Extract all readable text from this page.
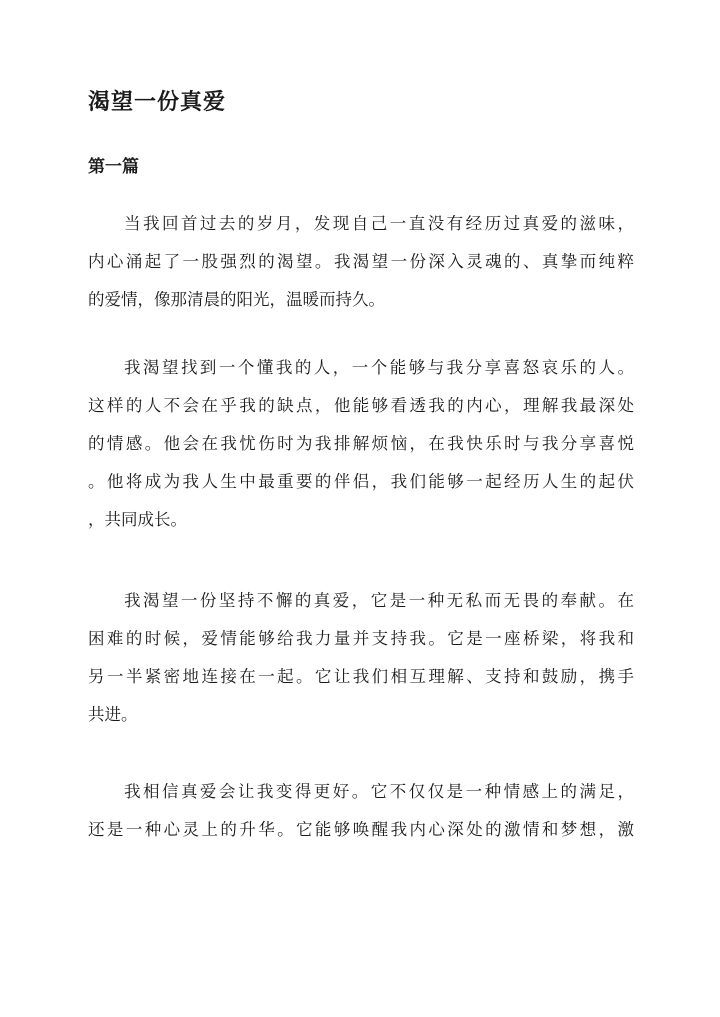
渴望一份真爱
第一篇
当我回首过去的岁月，发现自己一直没有经历过真爱的滋味，
内心涌起了一股强烈的渴望。我渴望一份深入灵魂的、真挚而纯粹
的爱情，像那清晨的阳光，温暖而持久。
我渴望找到一个懂我的人，一个能够与我分享喜怒哀乐的人。
这样的人不会在乎我的缺点，他能够看透我的内心，理解我最深处
的情感。他会在我忧伤时为我排解烦恼，在我快乐时与我分享喜悦
。他将成为我人生中最重要的伴侣，我们能够一起经历人生的起伏
，共同成长。
我渴望一份坚持不懈的真爱，它是一种无私而无畏的奉献。在
困难的时候，爱情能够给我力量并支持我。它是一座桥梁，将我和
另一半紧密地连接在一起。它让我们相互理解、支持和鼓励，携手
共进。
我相信真爱会让我变得更好。它不仅仅是一种情感上的满足，
还是一种心灵上的升华。它能够唤醒我内心深处的激情和梦想，激
